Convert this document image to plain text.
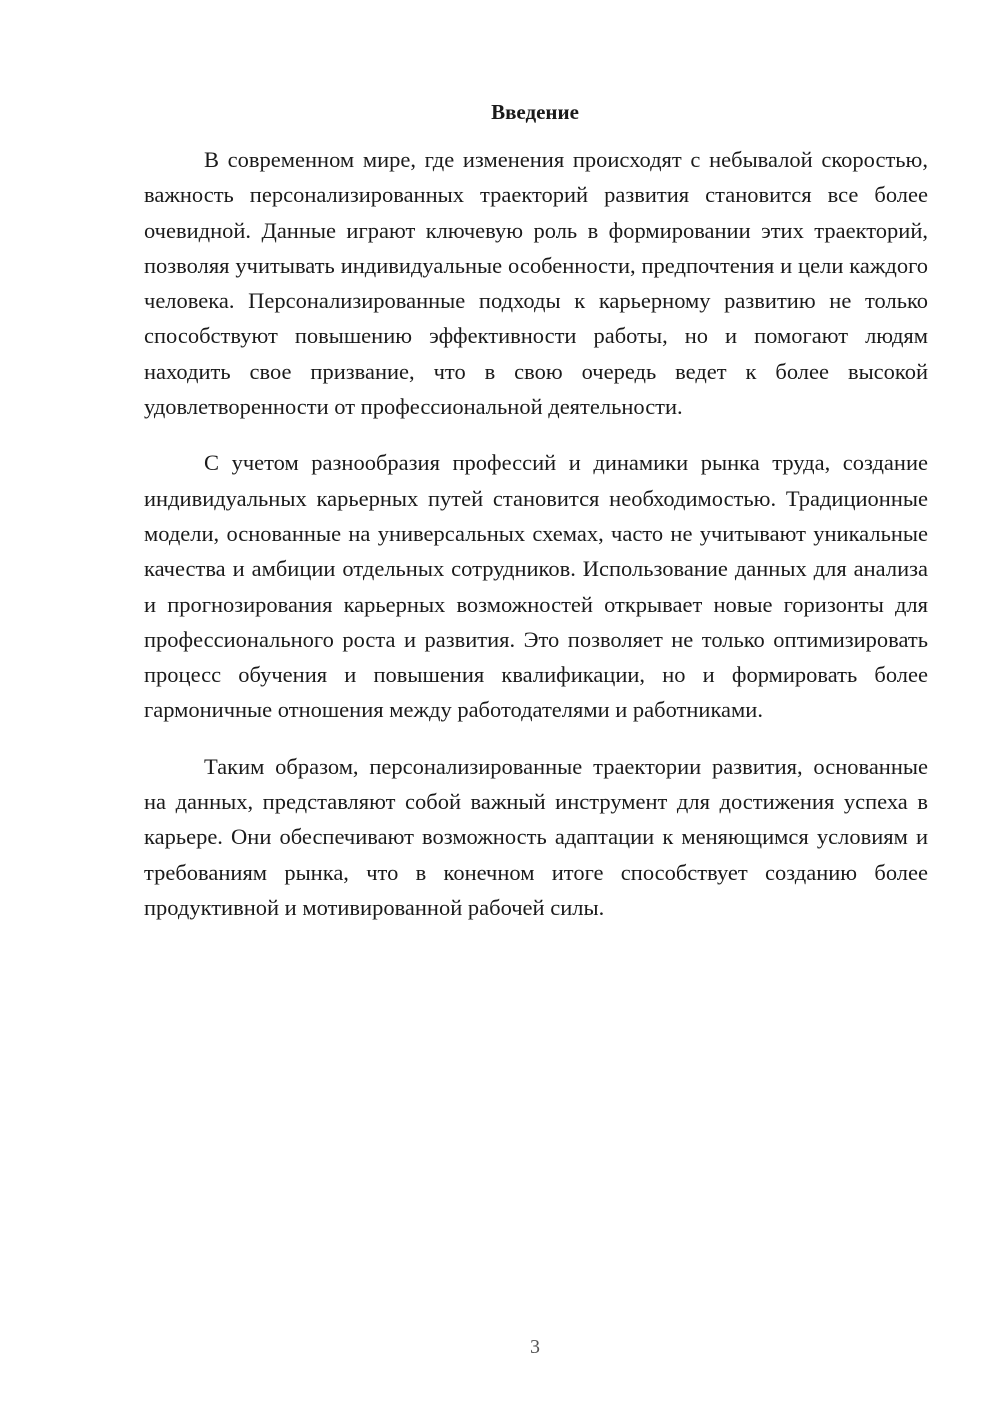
Введение

В современном мире, где изменения происходят с небывалой скоростью, важность персонализированных траекторий развития становится все более очевидной. Данные играют ключевую роль в формировании этих траекторий, позволяя учитывать индивидуальные особенности, предпочтения и цели каждого человека. Персонализированные подходы к карьерному развитию не только способствуют повышению эффективности работы, но и помогают людям находить свое призвание, что в свою очередь ведет к более высокой удовлетворенности от профессиональной деятельности.

С учетом разнообразия профессий и динамики рынка труда, создание индивидуальных карьерных путей становится необходимостью. Традиционные модели, основанные на универсальных схемах, часто не учитывают уникальные качества и амбиции отдельных сотрудников. Использование данных для анализа и прогнозирования карьерных возможностей открывает новые горизонты для профессионального роста и развития. Это позволяет не только оптимизировать процесс обучения и повышения квалификации, но и формировать более гармоничные отношения между работодателями и работниками.

Таким образом, персонализированные траектории развития, основанные на данных, представляют собой важный инструмент для достижения успеха в карьере. Они обеспечивают возможность адаптации к меняющимся условиям и требованиям рынка, что в конечном итоге способствует созданию более продуктивной и мотивированной рабочей силы.

3
